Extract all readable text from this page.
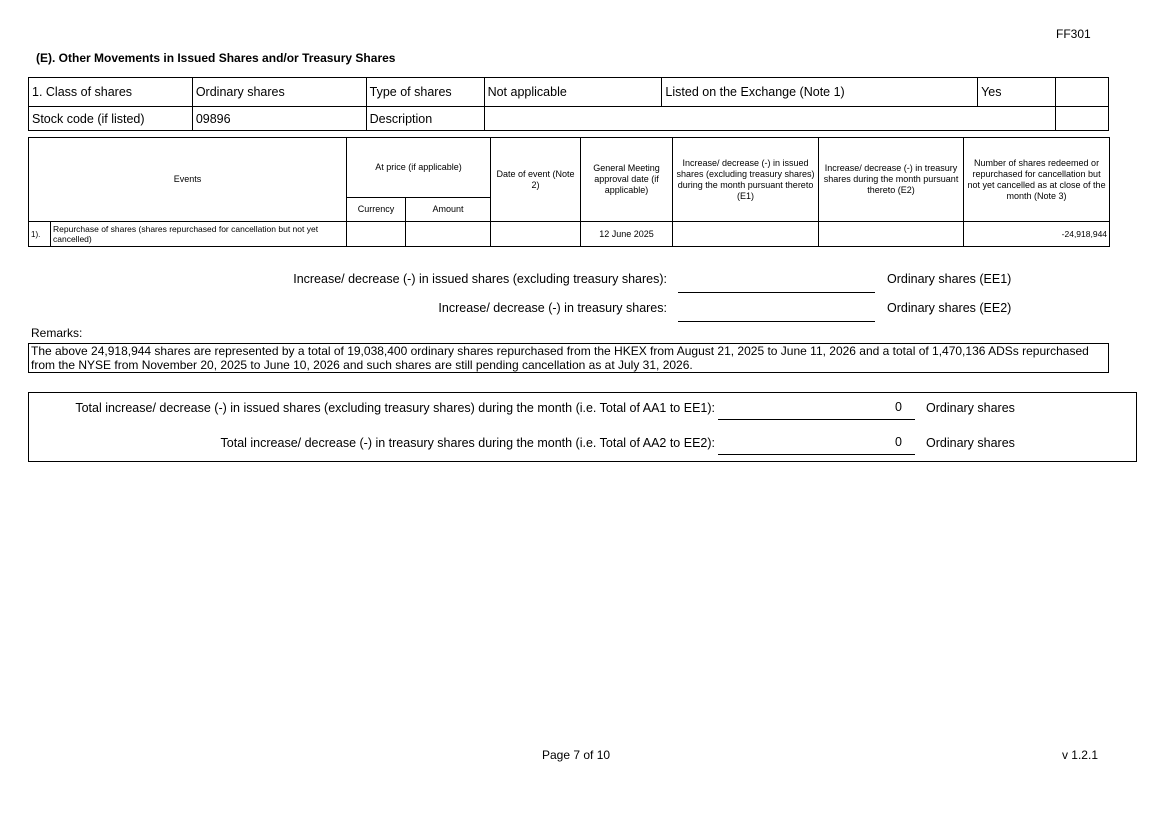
FF301
(E). Other Movements in Issued Shares and/or Treasury Shares
1. Class of shares	Ordinary shares	Type of shares	Not applicable	Listed on the Exchange (Note 1)	Yes	
Stock code (if listed)	09896	Description				
Events		At price (if applicable)		Date of event (Note 2)	General Meeting approval date (if applicable)	Increase/ decrease (-) in issued shares (excluding treasury shares) during the month pursuant thereto (E1)	Increase/ decrease (-) in treasury shares during the month pursuant thereto (E2)	Number of shares redeemed or repurchased for cancellation but not yet cancelled as at close of the month (Note 3)
		Currency	Amount					
1).	Repurchase of shares (shares repurchased for cancellation but not yet cancelled)				12 June 2025			-24,918,944
Increase/ decrease (-) in issued shares (excluding treasury shares):	Ordinary shares (EE1)
Increase/ decrease (-) in treasury shares:	Ordinary shares (EE2)
Remarks:
The above 24,918,944 shares are represented by a total of 19,038,400 ordinary shares repurchased from the HKEX from August 21, 2025 to June 11, 2026 and a total of 1,470,136 ADSs repurchased from the NYSE from November 20, 2025 to June 10, 2026 and such shares are still pending cancellation as at July 31, 2026.
Total increase/ decrease (-) in issued shares (excluding treasury shares) during the month (i.e. Total of AA1 to EE1):	0	Ordinary shares
Total increase/ decrease (-) in treasury shares during the month (i.e. Total of AA2 to EE2):	0	Ordinary shares
Page 7 of 10	v 1.2.1
